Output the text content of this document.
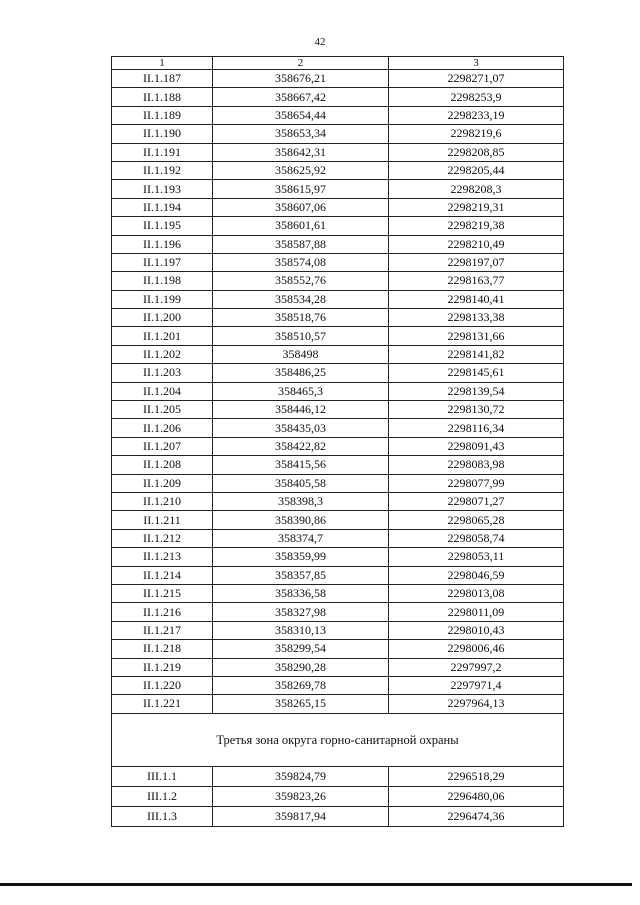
42
1	2	3
II.1.187	358676,21	2298271,07
II.1.188	358667,42	2298253,9
II.1.189	358654,44	2298233,19
II.1.190	358653,34	2298219,6
II.1.191	358642,31	2298208,85
II.1.192	358625,92	2298205,44
II.1.193	358615,97	2298208,3
II.1.194	358607,06	2298219,31
II.1.195	358601,61	2298219,38
II.1.196	358587,88	2298210,49
II.1.197	358574,08	2298197,07
II.1.198	358552,76	2298163,77
II.1.199	358534,28	2298140,41
II.1.200	358518,76	2298133,38
II.1.201	358510,57	2298131,66
II.1.202	358498	2298141,82
II.1.203	358486,25	2298145,61
II.1.204	358465,3	2298139,54
II.1.205	358446,12	2298130,72
II.1.206	358435,03	2298116,34
II.1.207	358422,82	2298091,43
II.1.208	358415,56	2298083,98
II.1.209	358405,58	2298077,99
II.1.210	358398,3	2298071,27
II.1.211	358390,86	2298065,28
II.1.212	358374,7	2298058,74
II.1.213	358359,99	2298053,11
II.1.214	358357,85	2298046,59
II.1.215	358336,58	2298013,08
II.1.216	358327,98	2298011,09
II.1.217	358310,13	2298010,43
II.1.218	358299,54	2298006,46
II.1.219	358290,28	2297997,2
II.1.220	358269,78	2297971,4
II.1.221	358265,15	2297964,13
Третья зона округа горно-санитарной охраны		
III.1.1	359824,79	2296518,29
III.1.2	359823,26	2296480,06
III.1.3	359817,94	2296474,36
